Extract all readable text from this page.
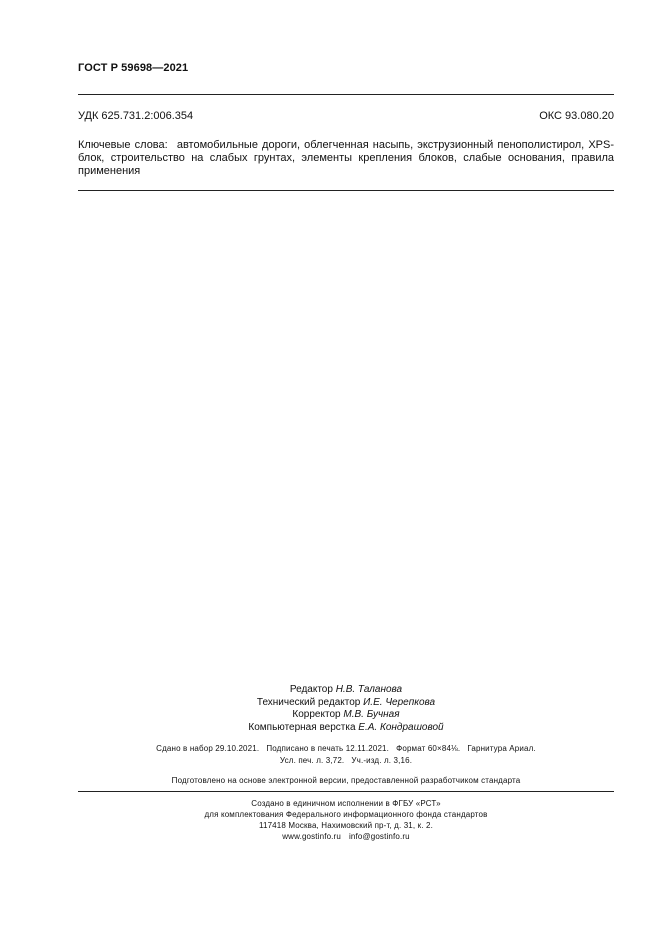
ГОСТ Р 59698—2021
УДК 625.731.2:006.354	ОКС 93.080.20
Ключевые слова: автомобильные дороги, облегченная насыпь, экструзионный пенополистирол, XPS-блок, строительство на слабых грунтах, элементы крепления блоков, слабые основания, правила применения
Редактор Н.В. Таланова
Технический редактор И.Е. Черепкова
Корректор М.В. Бучная
Компьютерная верстка Е.А. Кондрашовой
Сдано в набор 29.10.2021.   Подписано в печать 12.11.2021.   Формат 60×84⅛.   Гарнитура Ариал.
Усл. печ. л. 3,72.   Уч.-изд. л. 3,16.
Подготовлено на основе электронной версии, предоставленной разработчиком стандарта
Создано в единичном исполнении в ФГБУ «РСТ»
для комплектования Федерального информационного фонда стандартов
117418 Москва, Нахимовский пр-т, д. 31, к. 2.
www.gostinfo.ru info@gostinfo.ru
